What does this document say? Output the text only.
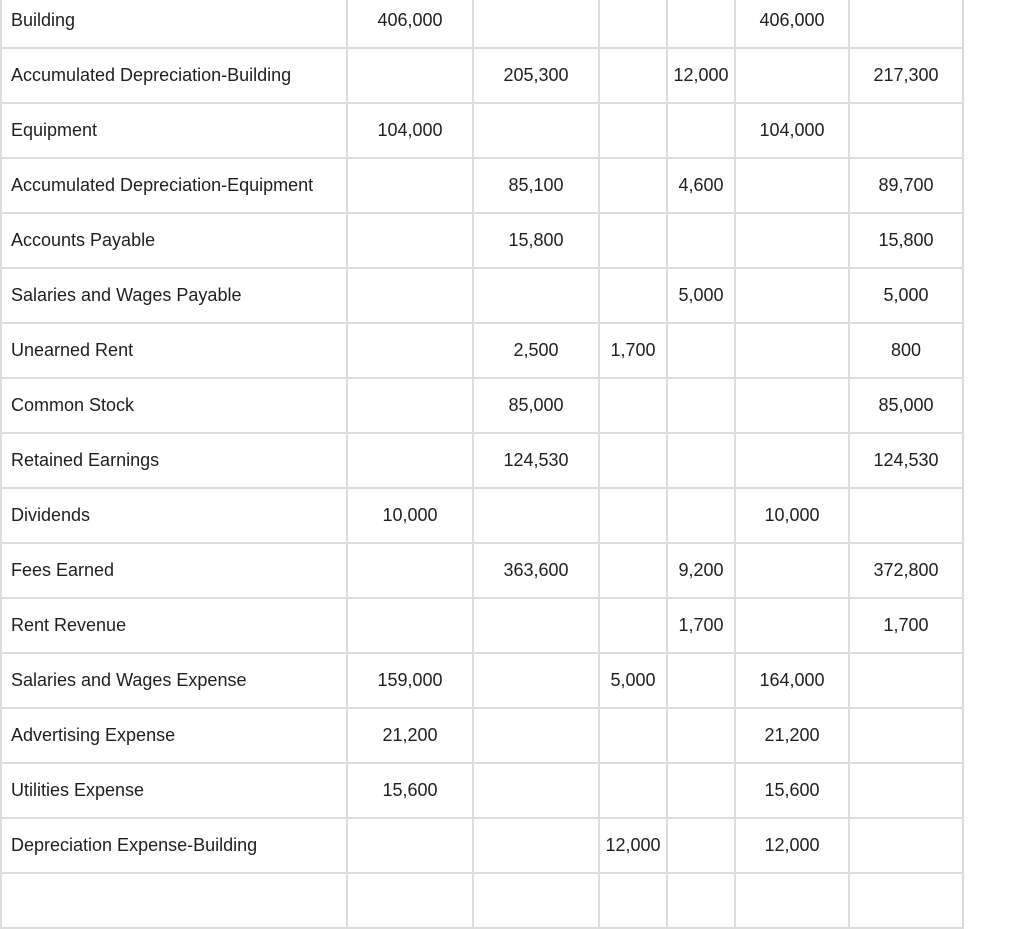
Building	406,000				406,000	
Accumulated Depreciation-Building		205,300		12,000		217,300
Equipment	104,000				104,000	
Accumulated Depreciation-Equipment		85,100		4,600		89,700
Accounts Payable		15,800				15,800
Salaries and Wages Payable				5,000		5,000
Unearned Rent		2,500	1,700			800
Common Stock		85,000				85,000
Retained Earnings		124,530				124,530
Dividends	10,000				10,000	
Fees Earned		363,600		9,200		372,800
Rent Revenue				1,700		1,700
Salaries and Wages Expense	159,000		5,000		164,000	
Advertising Expense	21,200				21,200	
Utilities Expense	15,600				15,600	
Depreciation Expense-Building			12,000		12,000	
